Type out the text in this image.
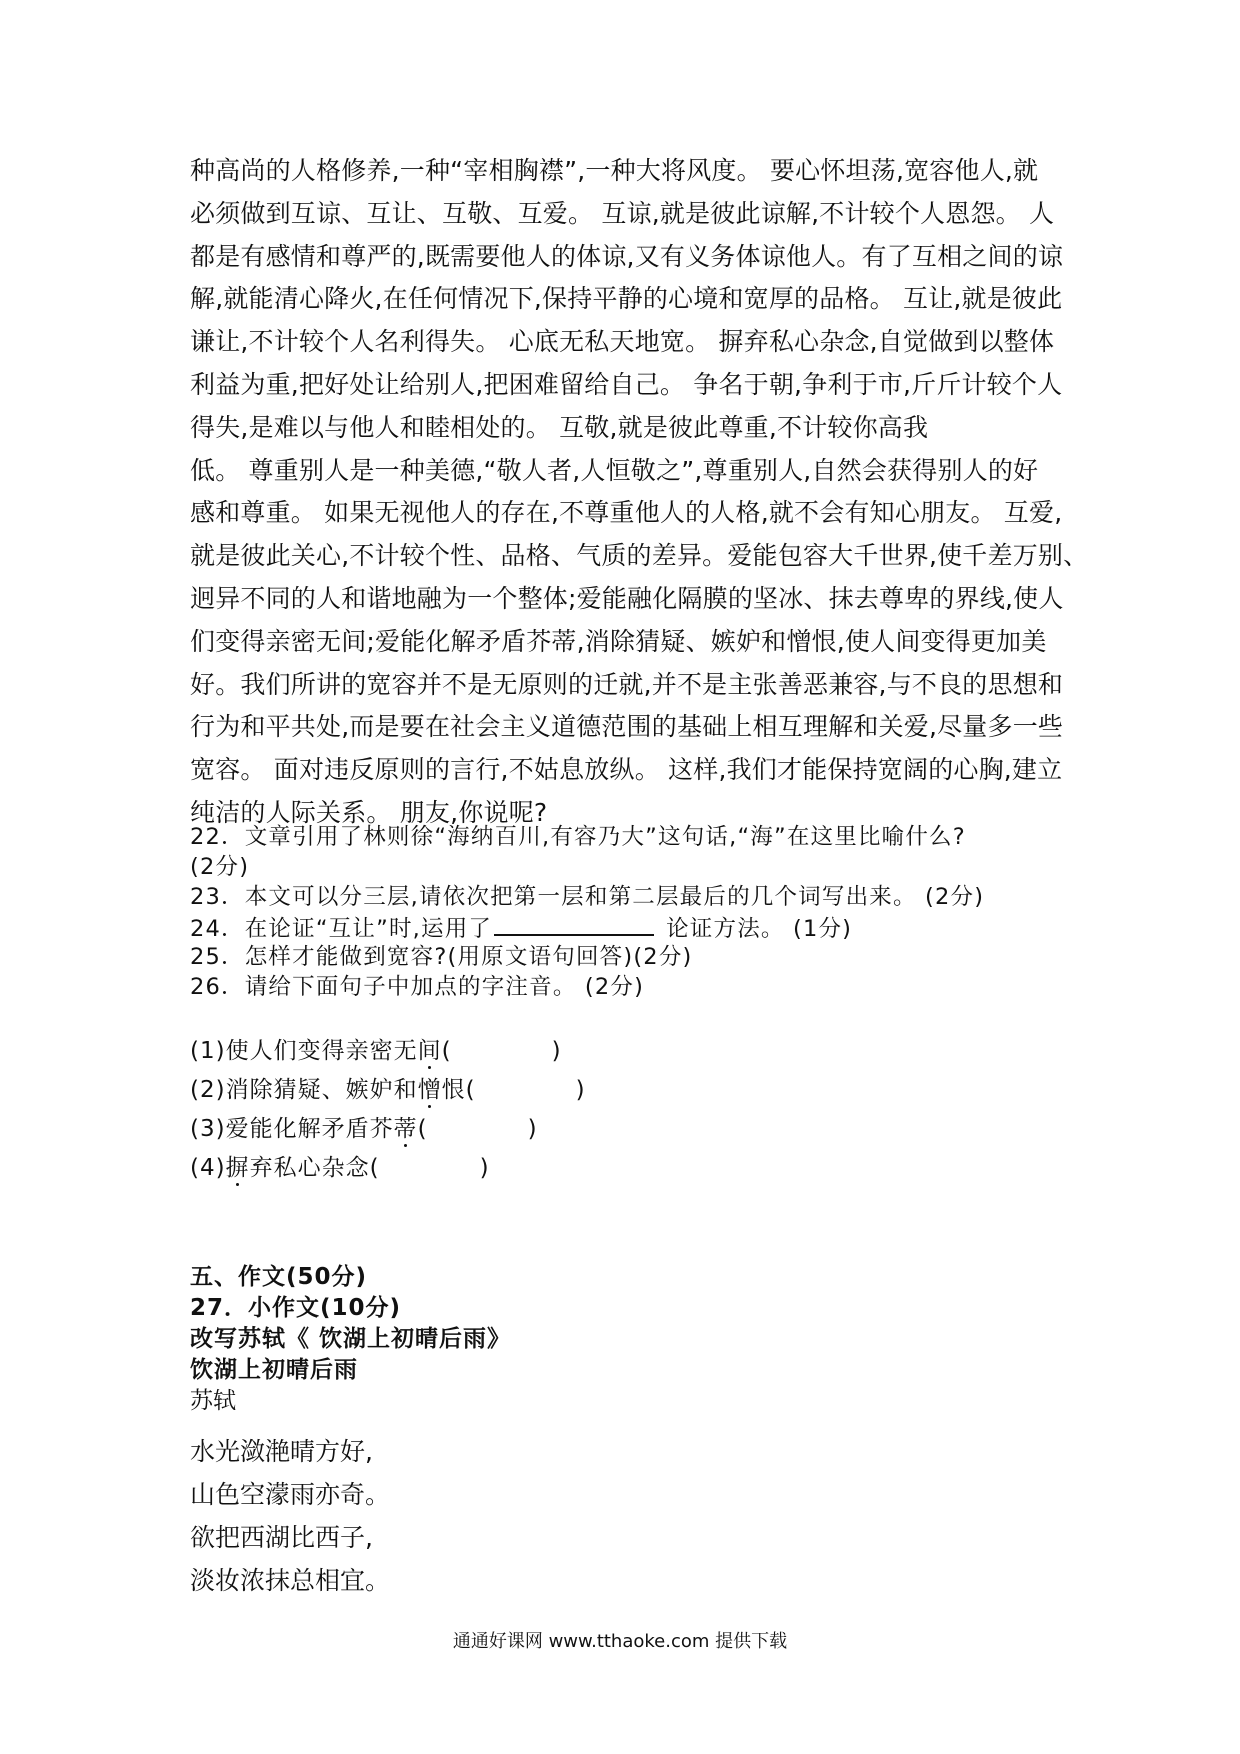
种高尚的人格修养,一种“宰相胸襟”,一种大将风度。 要心怀坦荡,宽容他人,就
必须做到互谅、互让、互敬、互爱。 互谅,就是彼此谅解,不计较个人恩怨。 人
都是有感情和尊严的,既需要他人的体谅,又有义务体谅他人。有了互相之间的谅
解,就能清心降火,在任何情况下,保持平静的心境和宽厚的品格。 互让,就是彼此
谦让,不计较个人名利得失。 心底无私天地宽。 摒弃私心杂念,自觉做到以整体
利益为重,把好处让给别人,把困难留给自己。 争名于朝,争利于市,斤斤计较个人
得失,是难以与他人和睦相处的。 互敬,就是彼此尊重,不计较你高我
低。 尊重别人是一种美德,“敬人者,人恒敬之”,尊重别人,自然会获得别人的好
感和尊重。 如果无视他人的存在,不尊重他人的人格,就不会有知心朋友。 互爱,
就是彼此关心,不计较个性、品格、气质的差异。爱能包容大千世界,使千差万别、
迥异不同的人和谐地融为一个整体;爱能融化隔膜的坚冰、抹去尊卑的界线,使人
们变得亲密无间;爱能化解矛盾芥蒂,消除猜疑、嫉妒和憎恨,使人间变得更加美
好。我们所讲的宽容并不是无原则的迁就,并不是主张善恶兼容,与不良的思想和
行为和平共处,而是要在社会主义道德范围的基础上相互理解和关爱,尽量多一些
宽容。 面对违反原则的言行,不姑息放纵。 这样,我们才能保持宽阔的心胸,建立
纯洁的人际关系。 朋友,你说呢?
22．文章引用了林则徐“海纳百川,有容乃大”这句话,“海”在这里比喻什么?
(2分)
23．本文可以分三层,请依次把第一层和第二层最后的几个词写出来。 (2分)
24．在论证“互让”时,运用了	论证方法。 (1分)
25．怎样才能做到宽容?(用原文语句回答)(2分)
26．请给下面句子中加点的字注音。 (2分)
(1)使人们变得亲密无间(	)
(2)消除猜疑、嫉妒和憎恨(	)
(3)爱能化解矛盾芥蒂(	)
(4)摒弃私心杂念(	)
五、作文(50分)
27．小作文(10分)
改写苏轼《 饮湖上初晴后雨》
饮湖上初晴后雨
苏轼
水光潋滟晴方好,
山色空濛雨亦奇。
欲把西湖比西子,
淡妆浓抹总相宜。
通通好课网 www.tthaoke.com 提供下载
